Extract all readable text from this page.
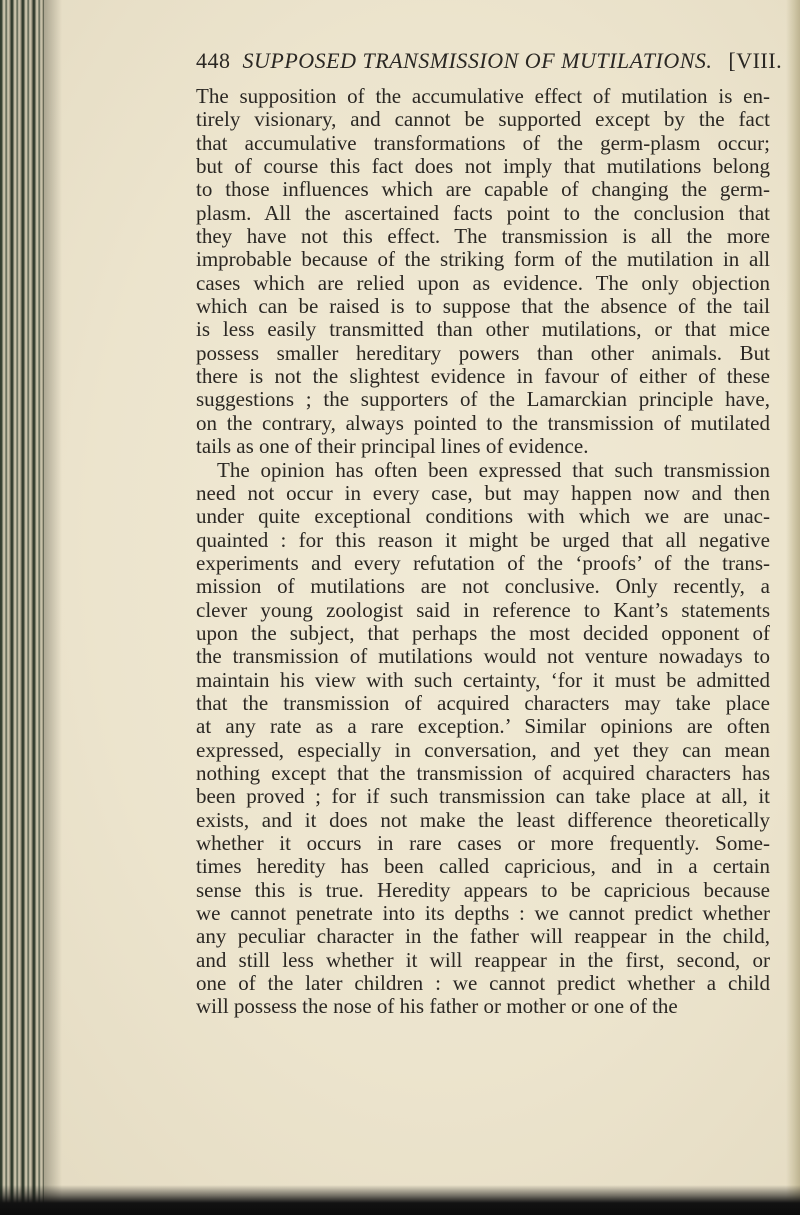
448 SUPPOSED TRANSMISSION OF MUTILATIONS. [VIII.
The supposition of the accumulative effect of mutilation is en-
tirely visionary, and cannot be supported except by the fact
that accumulative transformations of the germ-plasm occur;
but of course this fact does not imply that mutilations belong
to those influences which are capable of changing the germ-
plasm. All the ascertained facts point to the conclusion that
they have not this effect. The transmission is all the more
improbable because of the striking form of the mutilation in all
cases which are relied upon as evidence. The only objection
which can be raised is to suppose that the absence of the tail
is less easily transmitted than other mutilations, or that mice
possess smaller hereditary powers than other animals. But
there is not the slightest evidence in favour of either of these
suggestions ; the supporters of the Lamarckian principle have,
on the contrary, always pointed to the transmission of mutilated
tails as one of their principal lines of evidence.
The opinion has often been expressed that such transmission
need not occur in every case, but may happen now and then
under quite exceptional conditions with which we are unac-
quainted : for this reason it might be urged that all negative
experiments and every refutation of the ‘proofs’ of the trans-
mission of mutilations are not conclusive. Only recently, a
clever young zoologist said in reference to Kant’s statements
upon the subject, that perhaps the most decided opponent of
the transmission of mutilations would not venture nowadays to
maintain his view with such certainty, ‘for it must be admitted
that the transmission of acquired characters may take place
at any rate as a rare exception.’ Similar opinions are often
expressed, especially in conversation, and yet they can mean
nothing except that the transmission of acquired characters has
been proved ; for if such transmission can take place at all, it
exists, and it does not make the least difference theoretically
whether it occurs in rare cases or more frequently. Some-
times heredity has been called capricious, and in a certain
sense this is true. Heredity appears to be capricious because
we cannot penetrate into its depths : we cannot predict whether
any peculiar character in the father will reappear in the child,
and still less whether it will reappear in the first, second, or
one of the later children : we cannot predict whether a child
will possess the nose of his father or mother or one of the
